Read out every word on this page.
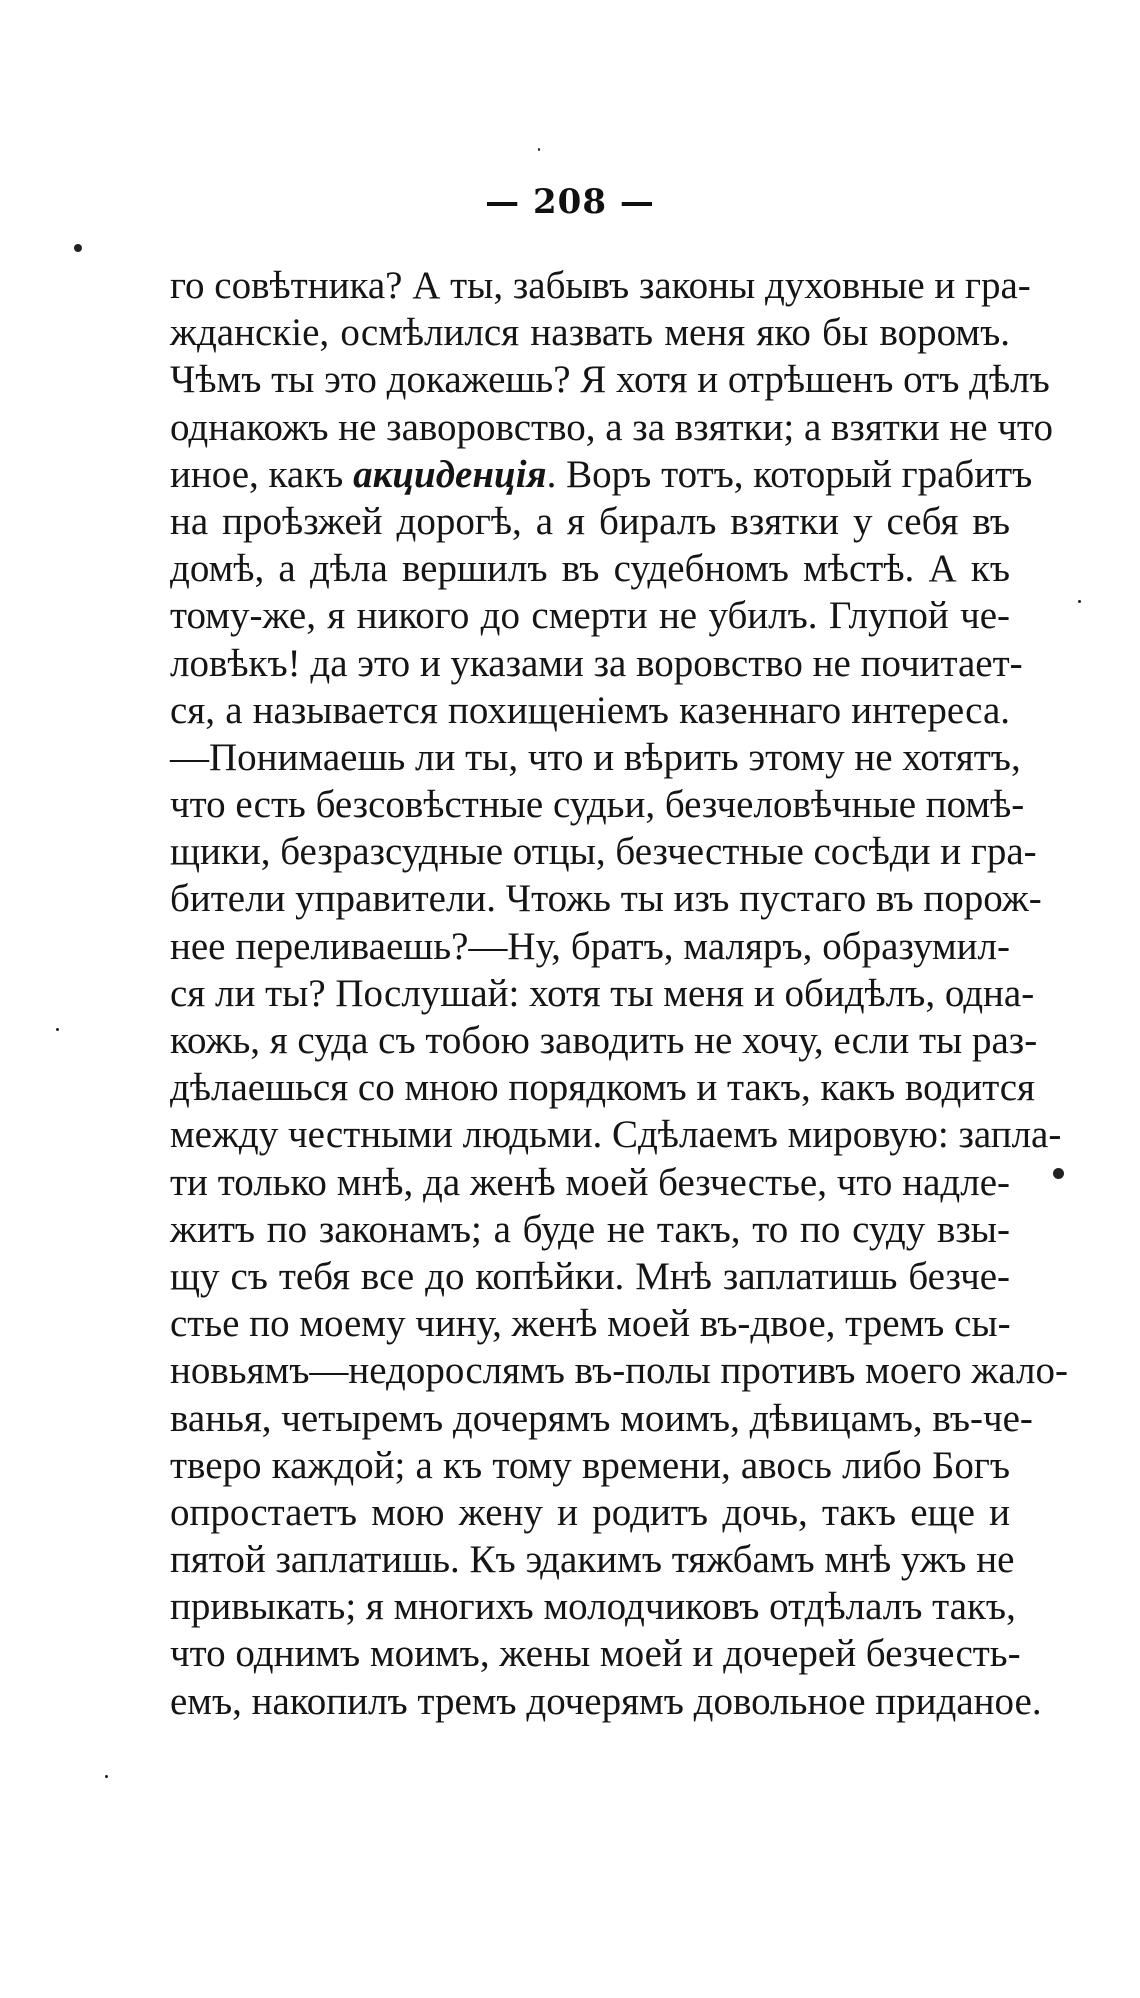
— 208 —
го совѣтника? А ты, забывъ законы духовные и гра-
жданскіе, осмѣлился назвать меня яко бы воромъ.
Чѣмъ ты это докажешь? Я хотя и отрѣшенъ отъ дѣлъ
однакожъ не заворовство, а за взятки; а взятки не что
иное, какъ акциденція. Воръ тотъ, который грабитъ
на проѣзжей дорогѣ, а я биралъ взятки у себя въ
домѣ, а дѣла вершилъ въ судебномъ мѣстѣ. А къ
тому-же, я никого до смерти не убилъ. Глупой че-
ловѣкъ! да это и указами за воровство не почитает-
ся, а называется похищеніемъ казеннаго интереса.
—Понимаешь ли ты, что и вѣрить этому не хотятъ,
что есть безсовѣстные судьи, безчеловѣчные помѣ-
щики, безразсудные отцы, безчестные сосѣди и гра-
бители управители. Чтожь ты изъ пустаго въ порож-
нее переливаешь?—Ну, братъ, маляръ, образумил-
ся ли ты? Послушай: хотя ты меня и обидѣлъ, одна-
кожь, я суда съ тобою заводить не хочу, если ты раз-
дѣлаешься со мною порядкомъ и такъ, какъ водится
между честными людьми. Сдѣлаемъ мировую: запла-
ти только мнѣ, да женѣ моей безчестье, что надле-
житъ по законамъ; а буде не такъ, то по суду взы-
щу съ тебя все до копѣйки. Мнѣ заплатишь безче-
стье по моему чину, женѣ моей въ-двое, тремъ сы-
новьямъ—недорослямъ въ-полы противъ моего жало-
ванья, четыремъ дочерямъ моимъ, дѣвицамъ, въ-че-
тверо каждой; а къ тому времени, авось либо Богъ
опростаетъ мою жену и родитъ дочь, такъ еще и
пятой заплатишь. Къ эдакимъ тяжбамъ мнѣ ужъ не
привыкать; я многихъ молодчиковъ отдѣлалъ такъ,
что однимъ моимъ, жены моей и дочерей безчесть-
емъ, накопилъ тремъ дочерямъ довольное приданое.
